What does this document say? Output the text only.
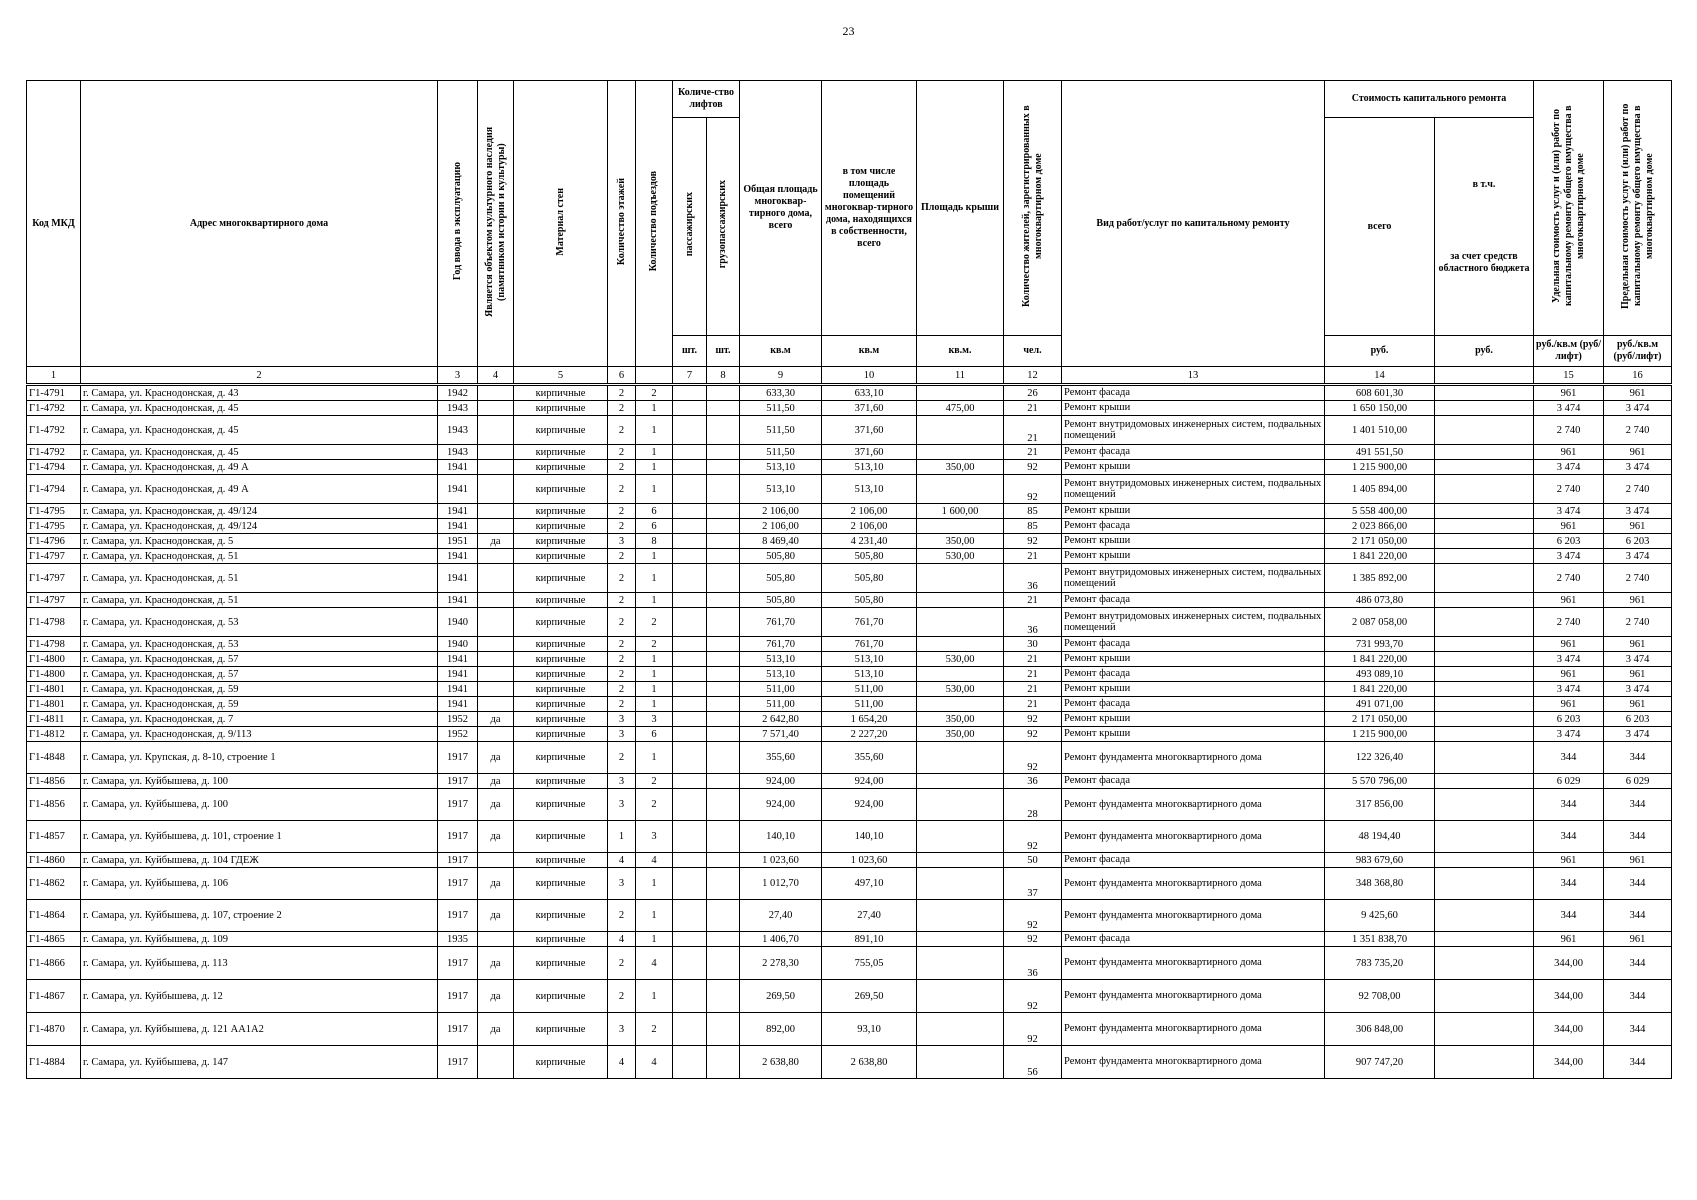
23
Код МКД	Адрес многоквартирного дома	Год ввода в эксплуатацию	Является объектом культурного наследия (памятником истории и культуры)	Материал стен	Количество этажей	Количество подъездов	Количе-ство лифтов		Общая площадь многоквар-тирного дома, всего	в том числе площадь помещений многоквар-тирного дома, находящихся в собственности, всего	Площадь крыши	Количество жителей, зарегистрированных в многоквартирном доме	Вид работ/услуг по капитальному ремонту	Стоимость капитального ремонта		Удельная стоимость услуг и (или) работ по капитальному ремонту общего имущества в многоквартирном доме	Предельная стоимость услуг и (или) работ по капитальному ремонту общего имущества в многоквартирном доме
							пассажирских	грузопассажирских						всего	в т.ч.
за счет средств областного бюджета		

							шт.	шт.	кв.м	кв.м	кв.м.	чел.		руб.	руб.	руб./кв.м (руб/лифт)	руб./кв.м (руб/лифт)
1	2	3	4	5	6		7	8	9	10	11	12	13	14		15	16
Г1-4791	г. Самара, ул. Краснодонская, д. 43	1942		кирпичные	2	2			633,30	633,10		26	Ремонт фасада	608 601,30		961	961
Г1-4792	г. Самара, ул. Краснодонская, д. 45	1943		кирпичные	2	1			511,50	371,60	475,00	21	Ремонт крыши	1 650 150,00		3 474	3 474
Г1-4792	г. Самара, ул. Краснодонская, д. 45	1943		кирпичные	2	1			511,50	371,60		21	Ремонт внутридомовых инженерных систем, подвальных помещений	1 401 510,00		2 740	2 740
Г1-4792	г. Самара, ул. Краснодонская, д. 45	1943		кирпичные	2	1			511,50	371,60		21	Ремонт фасада	491 551,50		961	961
Г1-4794	г. Самара, ул. Краснодонская, д. 49 А	1941		кирпичные	2	1			513,10	513,10	350,00	92	Ремонт крыши	1 215 900,00		3 474	3 474
Г1-4794	г. Самара, ул. Краснодонская, д. 49 А	1941		кирпичные	2	1			513,10	513,10		92	Ремонт внутридомовых инженерных систем, подвальных помещений	1 405 894,00		2 740	2 740
Г1-4795	г. Самара, ул. Краснодонская, д. 49/124	1941		кирпичные	2	6			2 106,00	2 106,00	1 600,00	85	Ремонт крыши	5 558 400,00		3 474	3 474
Г1-4795	г. Самара, ул. Краснодонская, д. 49/124	1941		кирпичные	2	6			2 106,00	2 106,00		85	Ремонт фасада	2 023 866,00		961	961
Г1-4796	г. Самара, ул. Краснодонская, д. 5	1951	да	кирпичные	3	8			8 469,40	4 231,40	350,00	92	Ремонт крыши	2 171 050,00		6 203	6 203
Г1-4797	г. Самара, ул. Краснодонская, д. 51	1941		кирпичные	2	1			505,80	505,80	530,00	21	Ремонт крыши	1 841 220,00		3 474	3 474
Г1-4797	г. Самара, ул. Краснодонская, д. 51	1941		кирпичные	2	1			505,80	505,80		36	Ремонт внутридомовых инженерных систем, подвальных помещений	1 385 892,00		2 740	2 740
Г1-4797	г. Самара, ул. Краснодонская, д. 51	1941		кирпичные	2	1			505,80	505,80		21	Ремонт фасада	486 073,80		961	961
Г1-4798	г. Самара, ул. Краснодонская, д. 53	1940		кирпичные	2	2			761,70	761,70		36	Ремонт внутридомовых инженерных систем, подвальных помещений	2 087 058,00		2 740	2 740
Г1-4798	г. Самара, ул. Краснодонская, д. 53	1940		кирпичные	2	2			761,70	761,70		30	Ремонт фасада	731 993,70		961	961
Г1-4800	г. Самара, ул. Краснодонская, д. 57	1941		кирпичные	2	1			513,10	513,10	530,00	21	Ремонт крыши	1 841 220,00		3 474	3 474
Г1-4800	г. Самара, ул. Краснодонская, д. 57	1941		кирпичные	2	1			513,10	513,10		21	Ремонт фасада	493 089,10		961	961
Г1-4801	г. Самара, ул. Краснодонская, д. 59	1941		кирпичные	2	1			511,00	511,00	530,00	21	Ремонт крыши	1 841 220,00		3 474	3 474
Г1-4801	г. Самара, ул. Краснодонская, д. 59	1941		кирпичные	2	1			511,00	511,00		21	Ремонт фасада	491 071,00		961	961
Г1-4811	г. Самара, ул. Краснодонская, д. 7	1952	да	кирпичные	3	3			2 642,80	1 654,20	350,00	92	Ремонт крыши	2 171 050,00		6 203	6 203
Г1-4812	г. Самара, ул. Краснодонская, д. 9/113	1952		кирпичные	3	6			7 571,40	2 227,20	350,00	92	Ремонт крыши	1 215 900,00		3 474	3 474
Г1-4848	г. Самара, ул. Крупская, д. 8-10, строение 1	1917	да	кирпичные	2	1			355,60	355,60		92	Ремонт фундамента многоквартирного дома	122 326,40		344	344
Г1-4856	г. Самара, ул. Куйбышева, д. 100	1917	да	кирпичные	3	2			924,00	924,00		36	Ремонт фасада	5 570 796,00		6 029	6 029
Г1-4856	г. Самара, ул. Куйбышева, д. 100	1917	да	кирпичные	3	2			924,00	924,00		28	Ремонт фундамента многоквартирного дома	317 856,00		344	344
Г1-4857	г. Самара, ул. Куйбышева, д. 101, строение 1	1917	да	кирпичные	1	3			140,10	140,10		92	Ремонт фундамента многоквартирного дома	48 194,40		344	344
Г1-4860	г. Самара, ул. Куйбышева, д. 104 ГДЕЖ	1917		кирпичные	4	4			1 023,60	1 023,60		50	Ремонт фасада	983 679,60		961	961
Г1-4862	г. Самара, ул. Куйбышева, д. 106	1917	да	кирпичные	3	1			1 012,70	497,10		37	Ремонт фундамента многоквартирного дома	348 368,80		344	344
Г1-4864	г. Самара, ул. Куйбышева, д. 107, строение 2	1917	да	кирпичные	2	1			27,40	27,40		92	Ремонт фундамента многоквартирного дома	9 425,60		344	344
Г1-4865	г. Самара, ул. Куйбышева, д. 109	1935		кирпичные	4	1			1 406,70	891,10		92	Ремонт фасада	1 351 838,70		961	961
Г1-4866	г. Самара, ул. Куйбышева, д. 113	1917	да	кирпичные	2	4			2 278,30	755,05		36	Ремонт фундамента многоквартирного дома	783 735,20		344,00	344
Г1-4867	г. Самара, ул. Куйбышева, д. 12	1917	да	кирпичные	2	1			269,50	269,50		92	Ремонт фундамента многоквартирного дома	92 708,00		344,00	344
Г1-4870	г. Самара, ул. Куйбышева, д. 121 АА1А2	1917	да	кирпичные	3	2			892,00	93,10		92	Ремонт фундамента многоквартирного дома	306 848,00		344,00	344
Г1-4884	г. Самара, ул. Куйбышева, д. 147	1917		кирпичные	4	4			2 638,80	2 638,80		56	Ремонт фундамента многоквартирного дома	907 747,20		344,00	344
